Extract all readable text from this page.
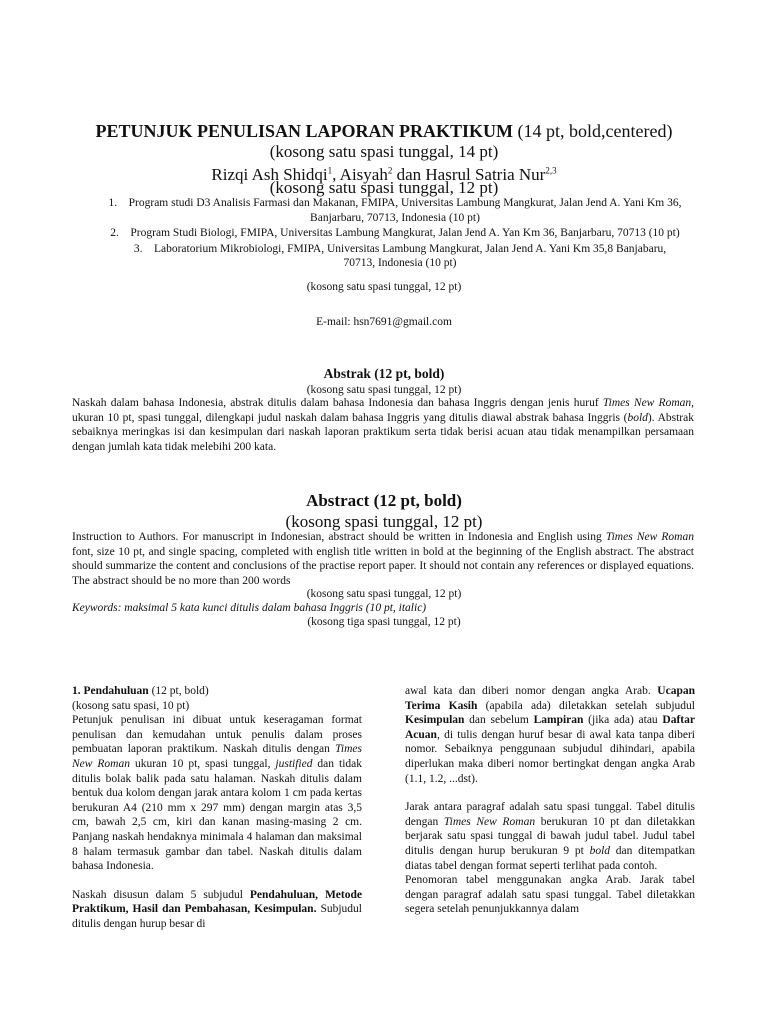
PETUNJUK PENULISAN LAPORAN PRAKTIKUM (14 pt, bold,centered)
(kosong satu spasi tunggal, 14 pt)
Rizqi Ash Shidqi$^1$, Aisyah$^2$ dan Hasrul Satria Nur$^{2,3}$
(kosong satu spasi tunggal, 12 pt)
1. Program studi D3 Analisis Farmasi dan Makanan, FMIPA, Universitas Lambung Mangkurat, Jalan Jend A. Yani Km 36, Banjarbaru, 70713, Indonesia (10 pt)
2. Program Studi Biologi, FMIPA, Universitas Lambung Mangkurat, Jalan Jend A. Yan Km 36, Banjarbaru, 70713 (10 pt)
3. Laboratorium Mikrobiologi, FMIPA, Universitas Lambung Mangkurat, Jalan Jend A. Yani Km 35,8 Banjabaru, 70713, Indonesia (10 pt)
(kosong satu spasi tunggal, 12 pt)
E-mail: hsn7691@gmail.com
Abstrak (12 pt, bold)
(kosong satu spasi tunggal, 12 pt)
Naskah dalam bahasa Indonesia, abstrak ditulis dalam bahasa Indonesia dan bahasa Inggris dengan jenis huruf Times New Roman, ukuran 10 pt, spasi tunggal, dilengkapi judul naskah dalam bahasa Inggris yang ditulis diawal abstrak bahasa Inggris (bold). Abstrak sebaiknya meringkas isi dan kesimpulan dari naskah laporan praktikum serta tidak berisi acuan atau tidak menampilkan persamaan dengan jumlah kata tidak melebihi 200 kata.
Abstract (12 pt, bold)
(kosong spasi tunggal, 12 pt)
Instruction to Authors. For manuscript in Indonesian, abstract should be written in Indonesia and English using Times New Roman font, size 10 pt, and single spacing, completed with english title written in bold at the beginning of the English abstract. The abstract should summarize the content and conclusions of the practise report paper. It should not contain any references or displayed equations. The abstract should be no more than 200 words
(kosong satu spasi tunggal, 12 pt)
Keywords: maksimal 5 kata kunci ditulis dalam bahasa Inggris (10 pt, italic)
(kosong tiga spasi tunggal, 12 pt)

1. Pendahuluan (12 pt, bold)

(kosong satu spasi, 10 pt)

Petunjuk penulisan ini dibuat untuk keseragaman format penulisan dan kemudahan untuk penulis dalam proses pembuatan laporan praktikum. Naskah ditulis dengan Times New Roman ukuran 10 pt, spasi tunggal, justified dan tidak ditulis bolak balik pada satu halaman. Naskah ditulis dalam bentuk dua kolom dengan jarak antara kolom 1 cm pada kertas berukuran A4 (210 mm x 297 mm) dengan margin atas 3,5 cm, bawah 2,5 cm, kiri dan kanan masing-masing 2 cm. Panjang naskah hendaknya minimala 4 halaman dan maksimal 8 halam termasuk gambar dan tabel. Naskah ditulis dalam bahasa Indonesia.

Naskah disusun dalam 5 subjudul Pendahuluan, Metode Praktikum, Hasil dan Pembahasan, Kesimpulan. Subjudul ditulis dengan hurup besar di

awal kata dan diberi nomor dengan angka Arab. Ucapan Terima Kasih (apabila ada) diletakkan setelah subjudul Kesimpulan dan sebelum Lampiran (jika ada) atau Daftar Acuan, di tulis dengan huruf besar di awal kata tanpa diberi nomor. Sebaiknya penggunaan subjudul dihindari, apabila diperlukan maka diberi nomor bertingkat dengan angka Arab (1.1, 1.2, ...dst).

Jarak antara paragraf adalah satu spasi tunggal. Tabel ditulis dengan Times New Roman berukuran 10 pt dan diletakkan berjarak satu spasi tunggal di bawah judul tabel. Judul tabel ditulis dengan hurup berukuran 9 pt bold dan ditempatkan diatas tabel dengan format seperti terlihat pada contoh.

Penomoran tabel menggunakan angka Arab. Jarak tabel dengan paragraf adalah satu spasi tunggal. Tabel diletakkan segera setelah penunjukkannya dalam
